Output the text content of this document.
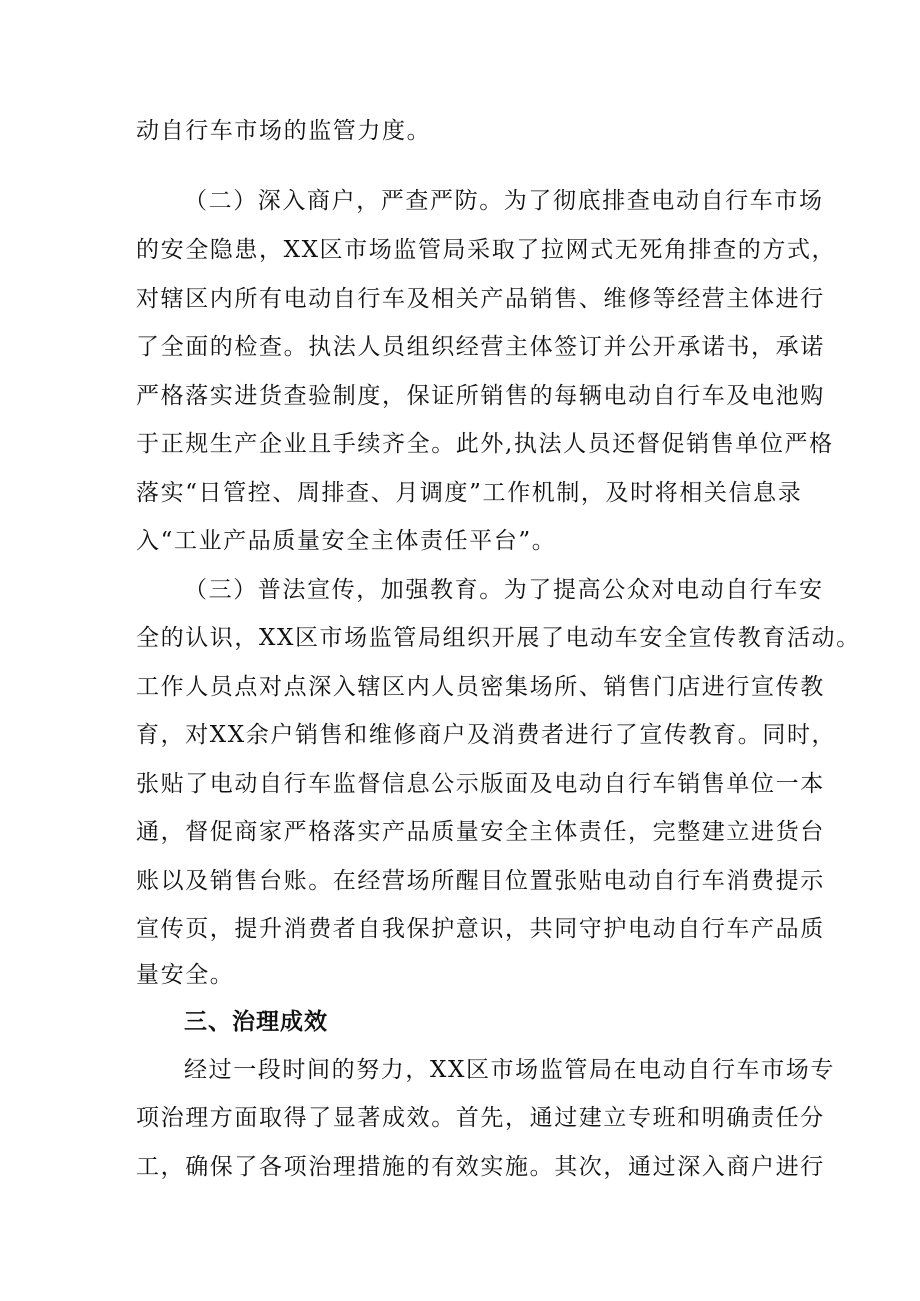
动自行车市场的监管力度。
（二）深入商户，严查严防。为了彻底排查电动自行车市场
的安全隐患，XX区市场监管局采取了拉网式无死角排查的方式，
对辖区内所有电动自行车及相关产品销售、维修等经营主体进行
了全面的检查。执法人员组织经营主体签订并公开承诺书，承诺
严格落实进货查验制度，保证所销售的每辆电动自行车及电池购
于正规生产企业且手续齐全。此外,执法人员还督促销售单位严格
落实“日管控、周排查、月调度”工作机制，及时将相关信息录
入“工业产品质量安全主体责任平台”。
（三）普法宣传，加强教育。为了提高公众对电动自行车安
全的认识，XX区市场监管局组织开展了电动车安全宣传教育活动。
工作人员点对点深入辖区内人员密集场所、销售门店进行宣传教
育，对XX余户销售和维修商户及消费者进行了宣传教育。同时，
张贴了电动自行车监督信息公示版面及电动自行车销售单位一本
通，督促商家严格落实产品质量安全主体责任，完整建立进货台
账以及销售台账。在经营场所醒目位置张贴电动自行车消费提示
宣传页，提升消费者自我保护意识，共同守护电动自行车产品质
量安全。
三、治理成效
经过一段时间的努力，XX区市场监管局在电动自行车市场专
项治理方面取得了显著成效。首先，通过建立专班和明确责任分
工，确保了各项治理措施的有效实施。其次，通过深入商户进行
